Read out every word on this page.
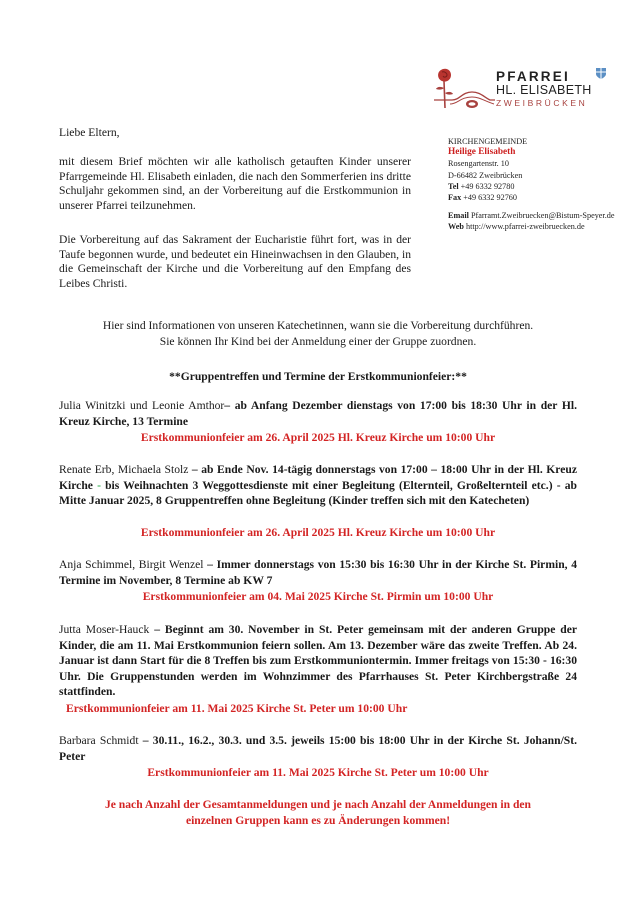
PFARREI
HL. ELISABETH
ZWEIBRÜCKEN
KIRCHENGEMEINDE
Heilige Elisabeth
Rosengartenstr. 10
D-66482 Zweibrücken
Tel +49 6332 92780
Fax +49 6332 92760
Email Pfarramt.Zweibruecken@Bistum-Speyer.de
Web http://www.pfarrei-zweibruecken.de
Liebe Eltern,
mit diesem Brief möchten wir alle katholisch getauften Kinder unserer Pfarrgemeinde Hl. Elisabeth einladen, die nach den Sommerferien ins dritte Schuljahr gekommen sind, an der Vorbereitung auf die Erstkommunion in unserer Pfarrei teilzunehmen.
Die Vorbereitung auf das Sakrament der Eucharistie führt fort, was in der Taufe begonnen wurde, und bedeutet ein Hineinwachsen in den Glauben, in die Gemeinschaft der Kirche und die Vorbereitung auf den Empfang des Leibes Christi.
Hier sind Informationen von unseren Katechetinnen, wann sie die Vorbereitung durchführen.
Sie können Ihr Kind bei der Anmeldung einer der Gruppe zuordnen.
**Gruppentreffen und Termine der Erstkommunionfeier:**
Julia Winitzki und Leonie Amthor– ab Anfang Dezember dienstags von 17:00 bis 18:30 Uhr in der Hl. Kreuz Kirche, 13 Termine
Erstkommunionfeier am 26. April 2025 Hl. Kreuz Kirche um 10:00 Uhr
Renate Erb, Michaela Stolz – ab Ende Nov. 14-tägig donnerstags von 17:00 – 18:00 Uhr in der Hl. Kreuz Kirche - bis Weihnachten 3 Weggottesdienste mit einer Begleitung (Elternteil, Großelternteil etc.) - ab Mitte Januar 2025, 8 Gruppentreffen ohne Begleitung (Kinder treffen sich mit den Katecheten)
Erstkommunionfeier am 26. April 2025 Hl. Kreuz Kirche um 10:00 Uhr
Anja Schimmel, Birgit Wenzel – Immer donnerstags von 15:30 bis 16:30 Uhr in der Kirche St. Pirmin, 4 Termine im November, 8 Termine ab KW 7
Erstkommunionfeier am 04. Mai 2025 Kirche St. Pirmin um 10:00 Uhr
Jutta Moser-Hauck – Beginnt am 30. November in St. Peter gemeinsam mit der anderen Gruppe der Kinder, die am 11. Mai Erstkommunion feiern sollen. Am 13. Dezember wäre das zweite Treffen. Ab 24. Januar ist dann Start für die 8 Treffen bis zum Erstkommuniontermin. Immer freitags von 15:30 - 16:30 Uhr. Die Gruppenstunden werden im Wohnzimmer des Pfarrhauses St. Peter Kirchbergstraße 24 stattfinden.
Erstkommunionfeier am 11. Mai 2025 Kirche St. Peter um 10:00 Uhr
Barbara Schmidt – 30.11., 16.2., 30.3. und 3.5. jeweils 15:00 bis 18:00 Uhr in der Kirche St. Johann/St. Peter
Erstkommunionfeier am 11. Mai 2025 Kirche St. Peter um 10:00 Uhr
Je nach Anzahl der Gesamtanmeldungen und je nach Anzahl der Anmeldungen in den
einzelnen Gruppen kann es zu Änderungen kommen!
